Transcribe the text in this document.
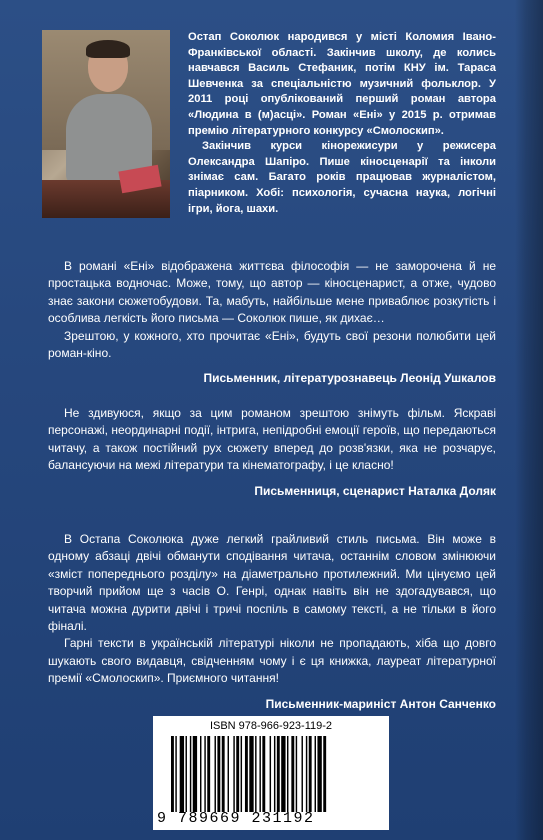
Остап Соколюк народився у місті Коломия Івано-Франківської області. Закінчив школу, де колись навчався Василь Стефаник, потім КНУ ім. Тараса Шевченка за спеціальністю музичний фольклор. У 2011 році опублікований перший роман автора «Людина в (м)асці». Роман «Ені» у 2015 р. отримав премію літературного конкурсу «Смолоскип».

Закінчив курси кінорежисури у режисера Олександра Шапіро. Пише кіносценарії та інколи знімає сам. Багато років працював журналістом, піарником. Хобі: психологія, сучасна наука, логічні ігри, йога, шахи.

В романі «Ені» відображена життєва філософія — не заморочена й не простацька водночас. Може, тому, що автор — кіносценарист, а отже, чудово знає закони сюжетобудови. Та, мабуть, найбільше мене приваблює розкутість і особлива легкість його письма — Соколюк пише, як дихає…

Зрештою, у кожного, хто прочитає «Ені», будуть свої резони полюбити цей роман-кіно.

Письменник, літературознавець Леонід Ушкалов

Не здивуюся, якщо за цим романом зрештою знімуть фільм. Яскраві персонажі, неординарні події, інтрига, непідробні емоції героїв, що передаються читачу, а також постійний рух сюжету вперед до розв'язки, яка не розчарує, балансуючи на межі літератури та кінематографу, і це класно!

Письменниця, сценарист Наталка Доляк

В Остапа Соколюка дуже легкий грайливий стиль письма. Він може в одному абзаці двічі обманути сподівання читача, останнім словом змінюючи «зміст попереднього розділу» на діаметрально протилежний. Ми цінуємо цей творчий прийом ще з часів О. Генрі, однак навіть він не здогадувався, що читача можна дурити двічі і тричі поспіль в самому тексті, а не тільки в його фіналі.

Гарні тексти в українській літературі ніколи не пропадають, хіба що довго шукають свого видавця, свідченням чому і є ця книжка, лауреат літературної премії «Смолоскип». Приємного читання!

Письменник-мариніст Антон Санченко
ISBN 978-966-923-119-2
9 789669 231192
